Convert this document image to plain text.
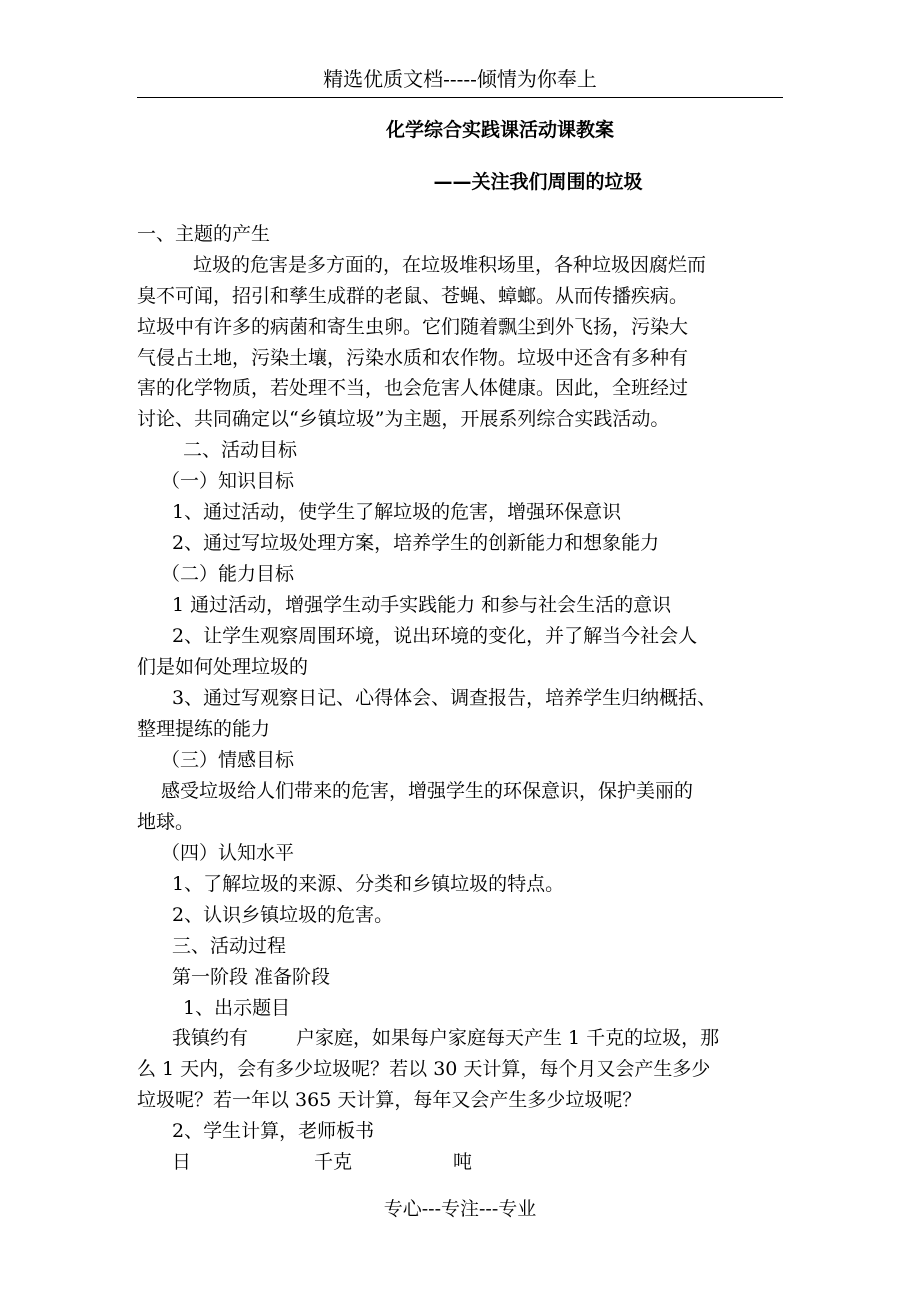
精选优质文档-----倾情为你奉上
化学综合实践课活动课教案
——关注我们周围的垃圾
一、主题的产生
垃圾的危害是多方面的，在垃圾堆积场里，各种垃圾因腐烂而
臭不可闻，招引和孳生成群的老鼠、苍蝇、蟑螂。从而传播疾病。
垃圾中有许多的病菌和寄生虫卵。它们随着飘尘到外飞扬，污染大
气侵占土地，污染土壤，污染水质和农作物。垃圾中还含有多种有
害的化学物质，若处理不当，也会危害人体健康。因此，全班经过
讨论、共同确定以“乡镇垃圾”为主题，开展系列综合实践活动。
二、活动目标
（一）知识目标
1、通过活动，使学生了解垃圾的危害，增强环保意识
2、通过写垃圾处理方案，培养学生的创新能力和想象能力
（二）能力目标
1 通过活动，增强学生动手实践能力 和参与社会生活的意识
2、让学生观察周围环境，说出环境的变化，并了解当今社会人
们是如何处理垃圾的
3、通过写观察日记、心得体会、调查报告，培养学生归纳概括、
整理提练的能力
（三）情感目标
感受垃圾给人们带来的危害，增强学生的环保意识，保护美丽的
地球。
（四）认知水平
1、了解垃圾的来源、分类和乡镇垃圾的特点。
2、认识乡镇垃圾的危害。
三、活动过程
第一阶段 准备阶段
1、出示题目
我镇约有	户家庭，如果每户家庭每天产生 1 千克的垃圾，那
么 1 天内，会有多少垃圾呢？若以 30 天计算，每个月又会产生多少
垃圾呢？若一年以 365 天计算，每年又会产生多少垃圾呢？
2、学生计算，老师板书
日	千克	吨
专心---专注---专业
